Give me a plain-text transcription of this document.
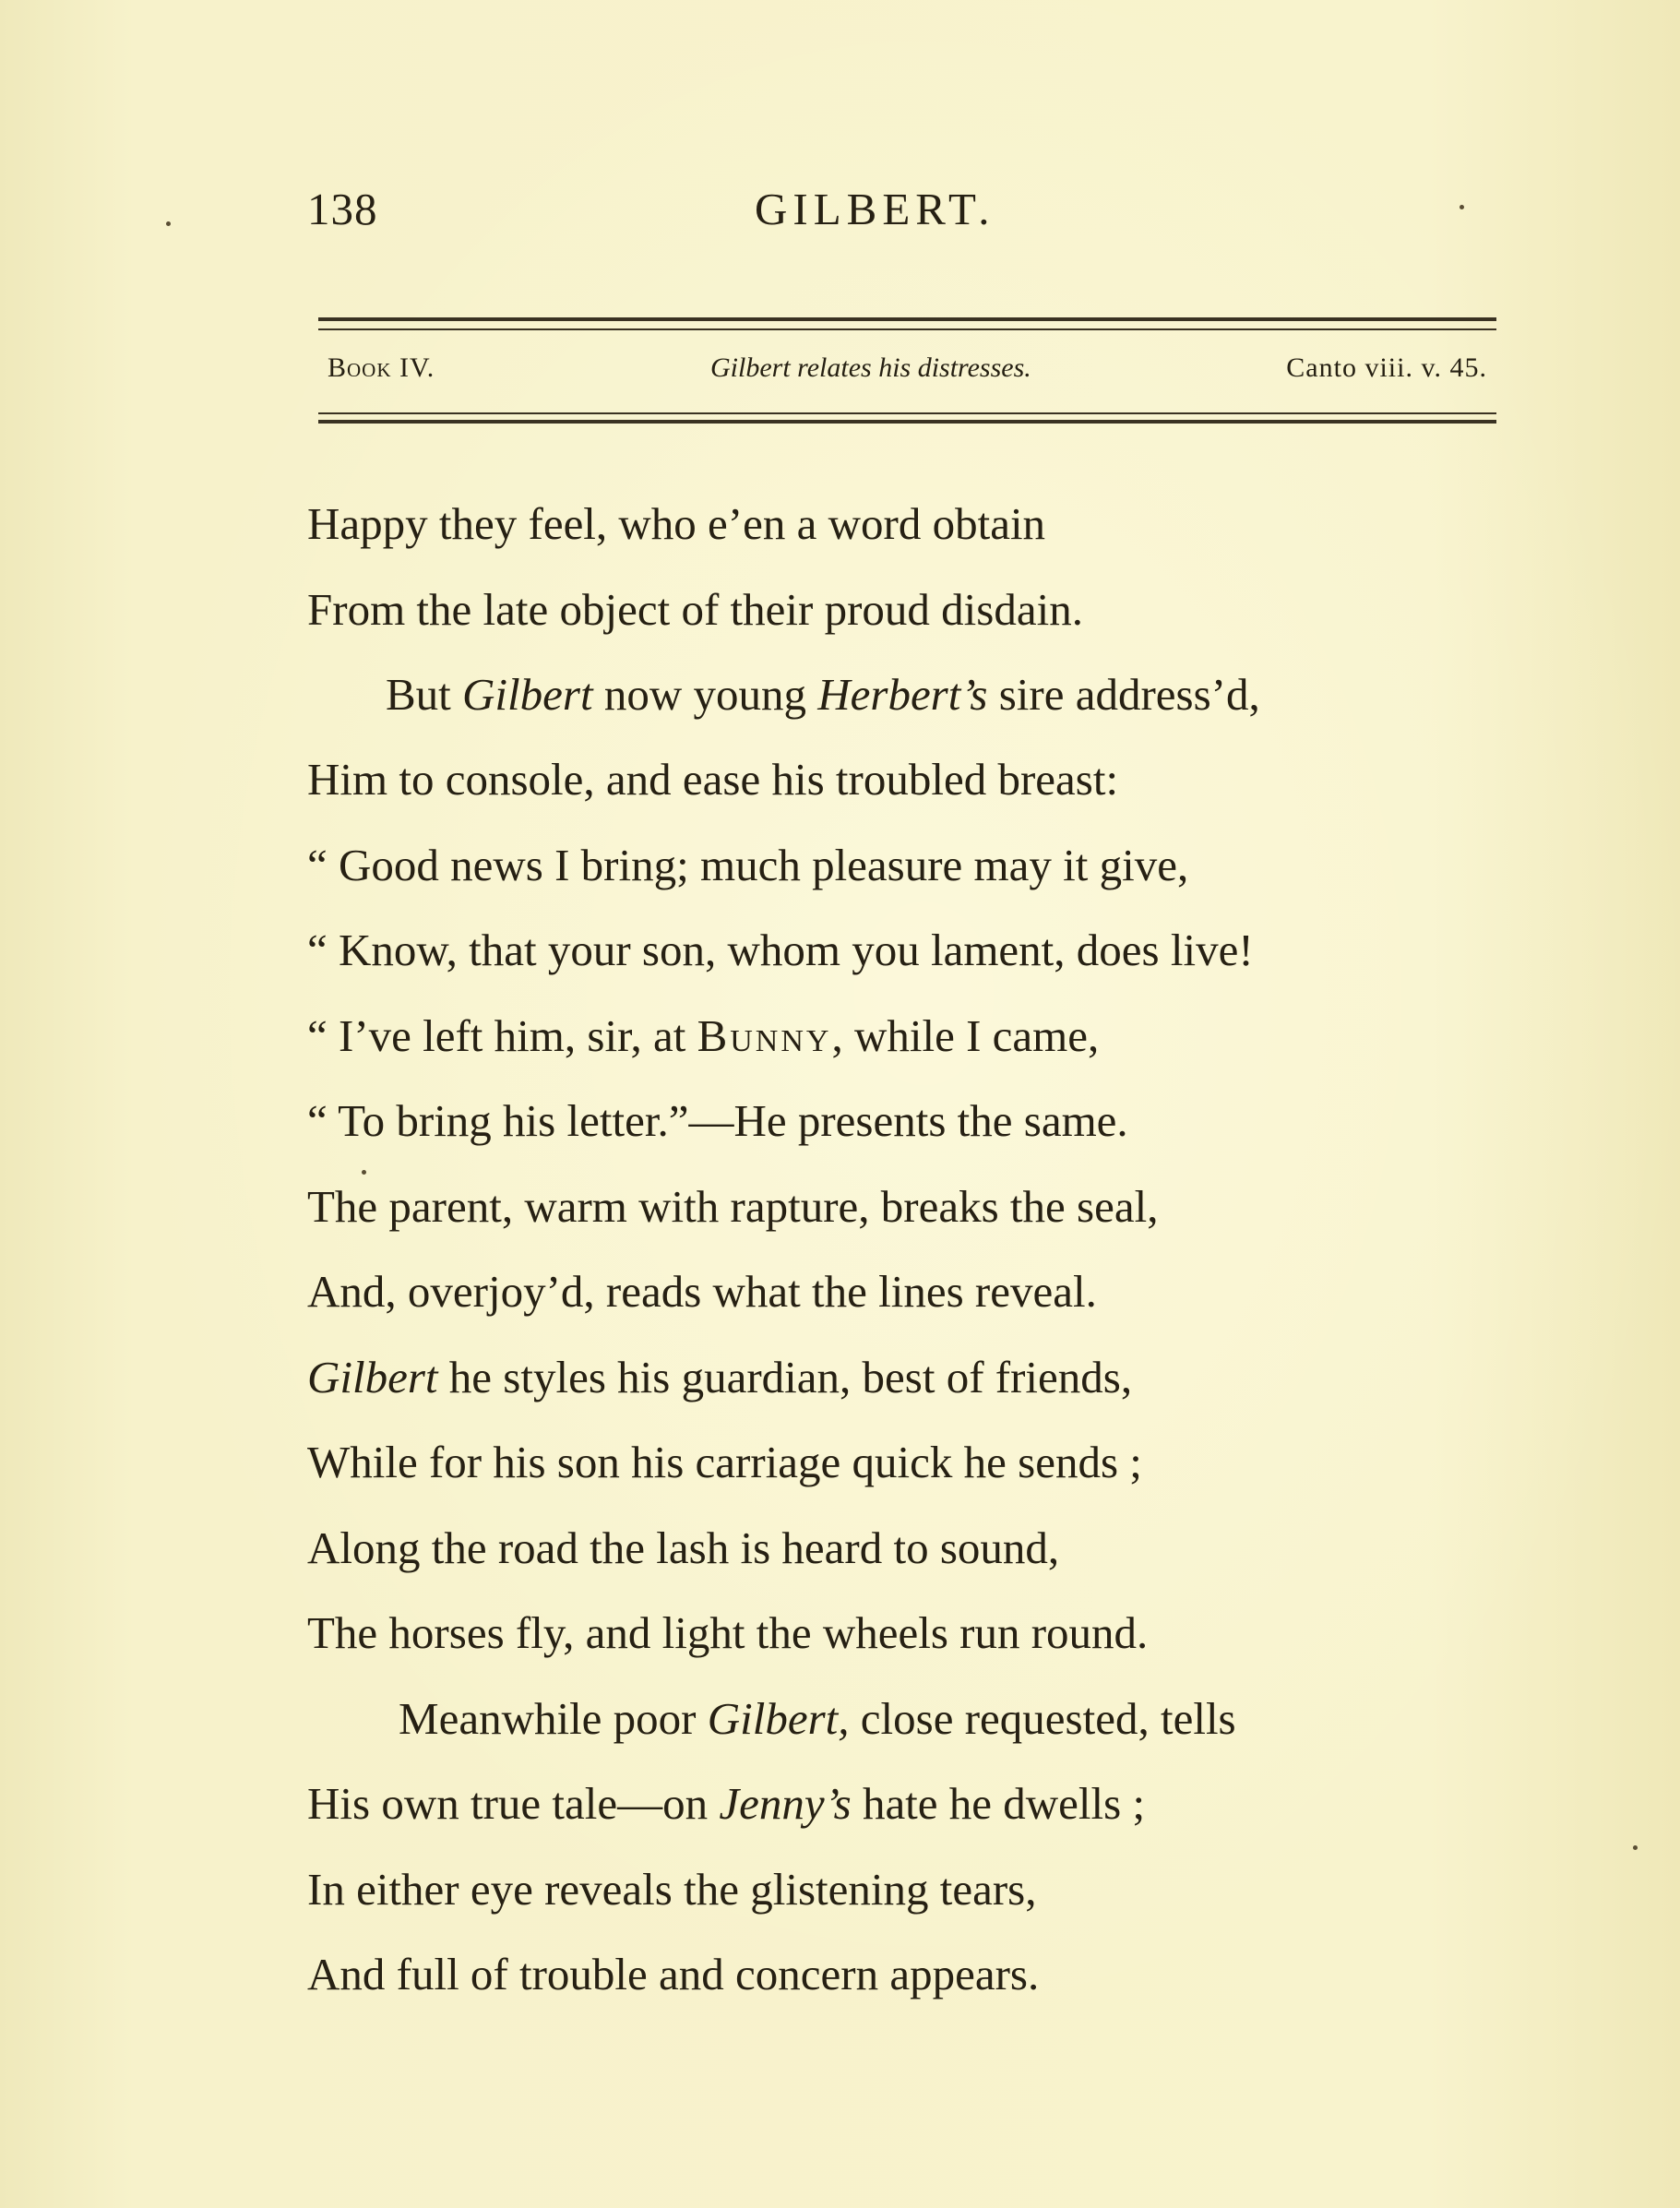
138	GILBERT.
Book IV.	Gilbert relates his distresses.	Canto viii. v. 45.
Happy they feel, who e’en a word obtain
From the late object of their proud disdain.
But Gilbert now young Herbert’s sire address’d,
Him to console, and ease his troubled breast:
“ Good news I bring; much pleasure may it give,
“ Know, that your son, whom you lament, does live!
“ I’ve left him, sir, at Bunny, while I came,
“ To bring his letter.”—He presents the same.
The parent, warm with rapture, breaks the seal,
And, overjoy’d, reads what the lines reveal.
Gilbert he styles his guardian, best of friends,
While for his son his carriage quick he sends ;
Along the road the lash is heard to sound,
The horses fly, and light the wheels run round.
Meanwhile poor Gilbert, close requested, tells
His own true tale—on Jenny’s hate he dwells ;
In either eye reveals the glistening tears,
And full of trouble and concern appears.
